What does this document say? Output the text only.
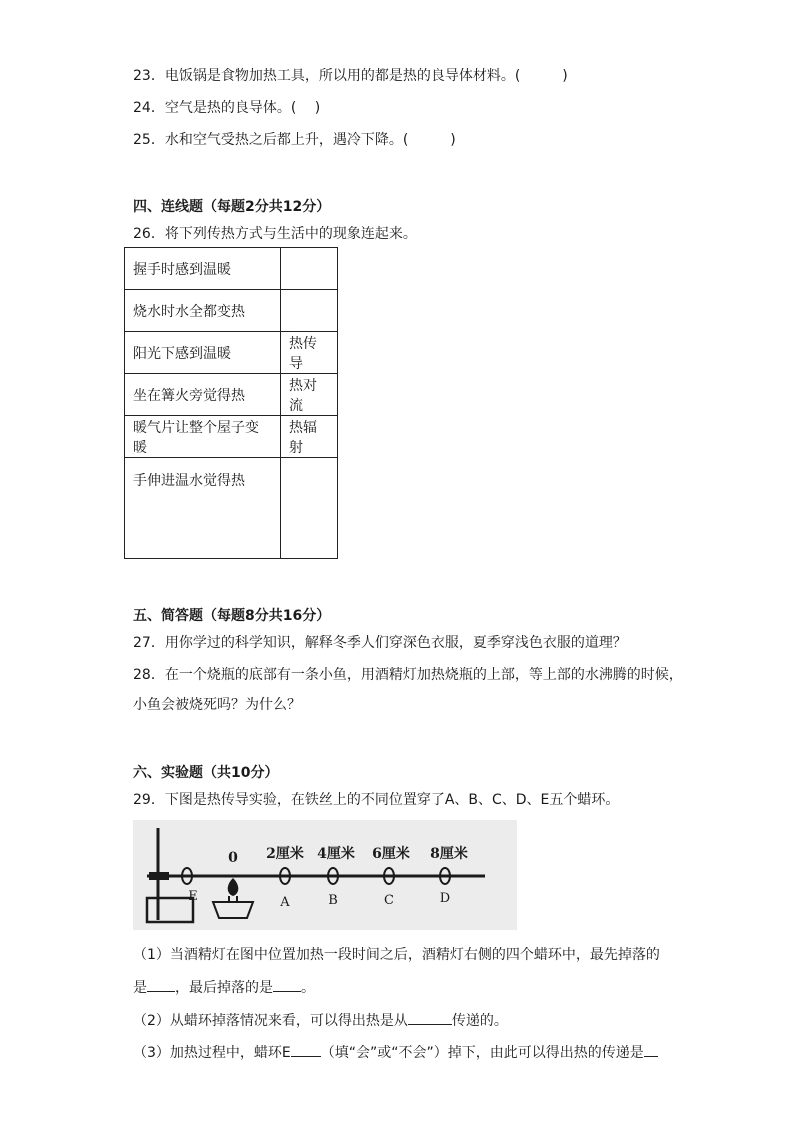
23．电饭锅是食物加热工具，所以用的都是热的良导体材料。(　　　)
24．空气是热的良导体。(　 )
25．水和空气受热之后都上升，遇冷下降。(　　　)
四、连线题（每题2分共12分）
26．将下列传热方式与生活中的现象连起来。
握手时感到温暖	
烧水时水全都变热	
阳光下感到温暖	热传导
坐在篝火旁觉得热	热对流
暖气片让整个屋子变暖	热辐射
手伸进温水觉得热	
五、简答题（每题8分共16分）
27．用你学过的科学知识，解释冬季人们穿深色衣服，夏季穿浅色衣服的道理？
28．在一个烧瓶的底部有一条小鱼，用酒精灯加热烧瓶的上部，等上部的水沸腾的时候，
小鱼会被烧死吗？为什么？
六、实验题（共10分）
29．下图是热传导实验，在铁丝上的不同位置穿了A、B、C、D、E五个蜡环。
0 2厘米 4厘米 6厘米 8厘米
E	A	B	C	D
（1）当酒精灯在图中位置加热一段时间之后，酒精灯右侧的四个蜡环中，最先掉落的
是 ，最后掉落的是 。
（2）从蜡环掉落情况来看，可以得出热是从	传递的。
（3）加热过程中，蜡环E （填“会”或“不会”）掉下，由此可以得出热的传递是
